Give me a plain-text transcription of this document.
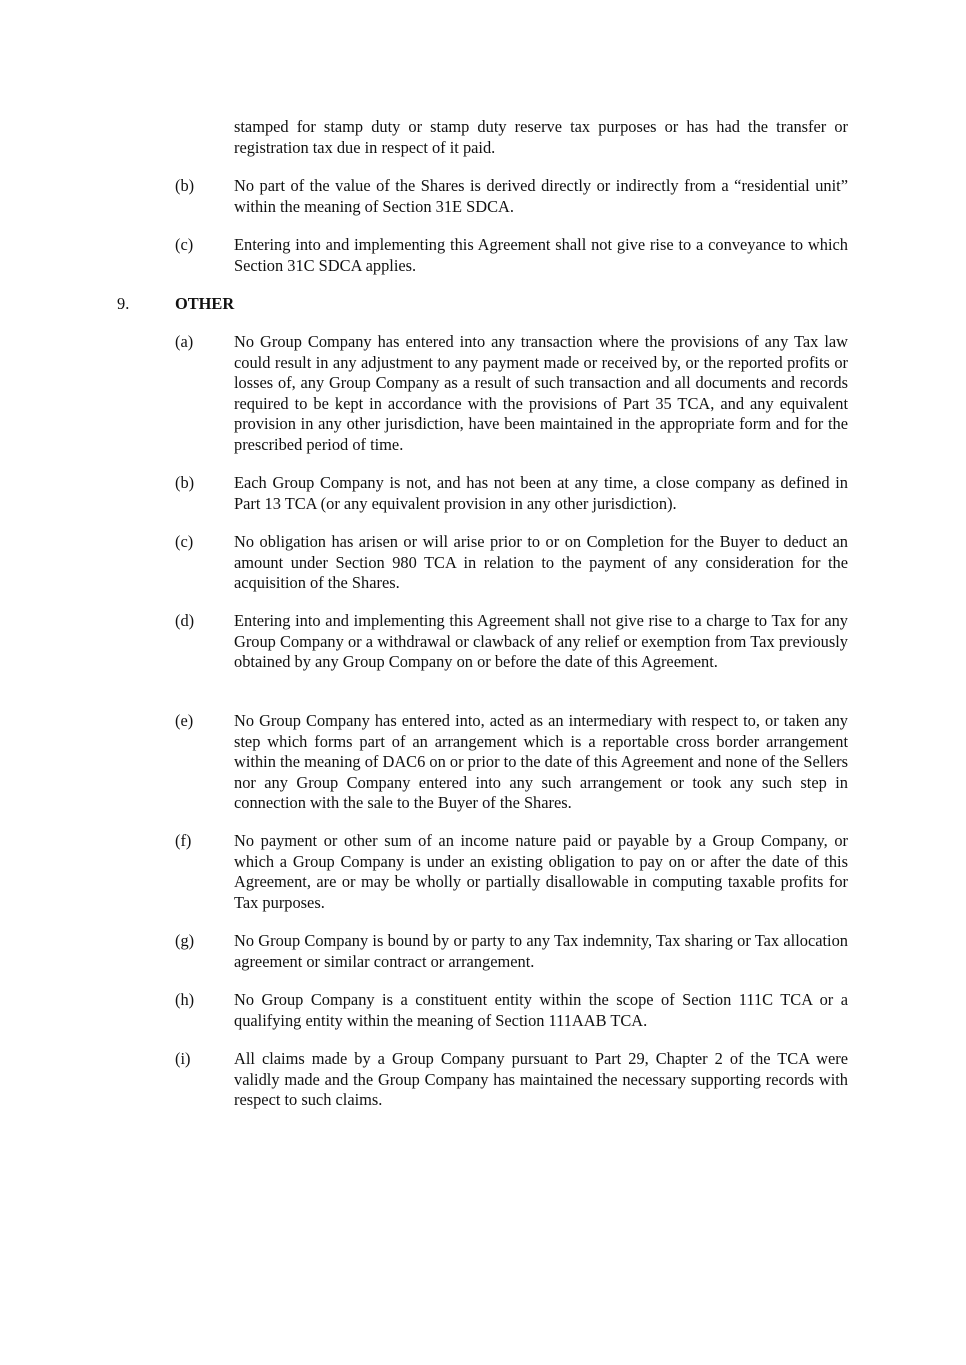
stamped for stamp duty or stamp duty reserve tax purposes or has had the transfer or registration tax due in respect of it paid.

(b) No part of the value of the Shares is derived directly or indirectly from a “residential unit” within the meaning of Section 31E SDCA.

(c) Entering into and implementing this Agreement shall not give rise to a conveyance to which Section 31C SDCA applies.

9.	OTHER
(a) No Group Company has entered into any transaction where the provisions of any Tax law could result in any adjustment to any payment made or received by, or the reported profits or losses of, any Group Company as a result of such transaction and all documents and records required to be kept in accordance with the provisions of Part 35 TCA, and any equivalent provision in any other jurisdiction, have been maintained in the appropriate form and for the prescribed period of time.

(b) Each Group Company is not, and has not been at any time, a close company as defined in Part 13 TCA (or any equivalent provision in any other jurisdiction).

(c) No obligation has arisen or will arise prior to or on Completion for the Buyer to deduct an amount under Section 980 TCA in relation to the payment of any consideration for the acquisition of the Shares.

(d) Entering into and implementing this Agreement shall not give rise to a charge to Tax for any Group Company or a withdrawal or clawback of any relief or exemption from Tax previously obtained by any Group Company on or before the date of this Agreement.

(e) No Group Company has entered into, acted as an intermediary with respect to, or taken any step which forms part of an arrangement which is a reportable cross border arrangement within the meaning of DAC6 on or prior to the date of this Agreement and none of the Sellers nor any Group Company entered into any such arrangement or took any such step in connection with the sale to the Buyer of the Shares.

(f)	No payment or other sum of an income nature paid or payable by a Group Company, or which a Group Company is under an existing obligation to pay on or after the date of this Agreement, are or may be wholly or partially disallowable in computing taxable profits for Tax purposes.

(g) No Group Company is bound by or party to any Tax indemnity, Tax sharing or Tax allocation agreement or similar contract or arrangement.

(h) No Group Company is a constituent entity within the scope of Section 111C TCA or a qualifying entity within the meaning of Section 111AAB TCA.

(i)	All claims made by a Group Company pursuant to Part 29, Chapter 2 of the TCA were validly made and the Group Company has maintained the necessary supporting records with respect to such claims.
